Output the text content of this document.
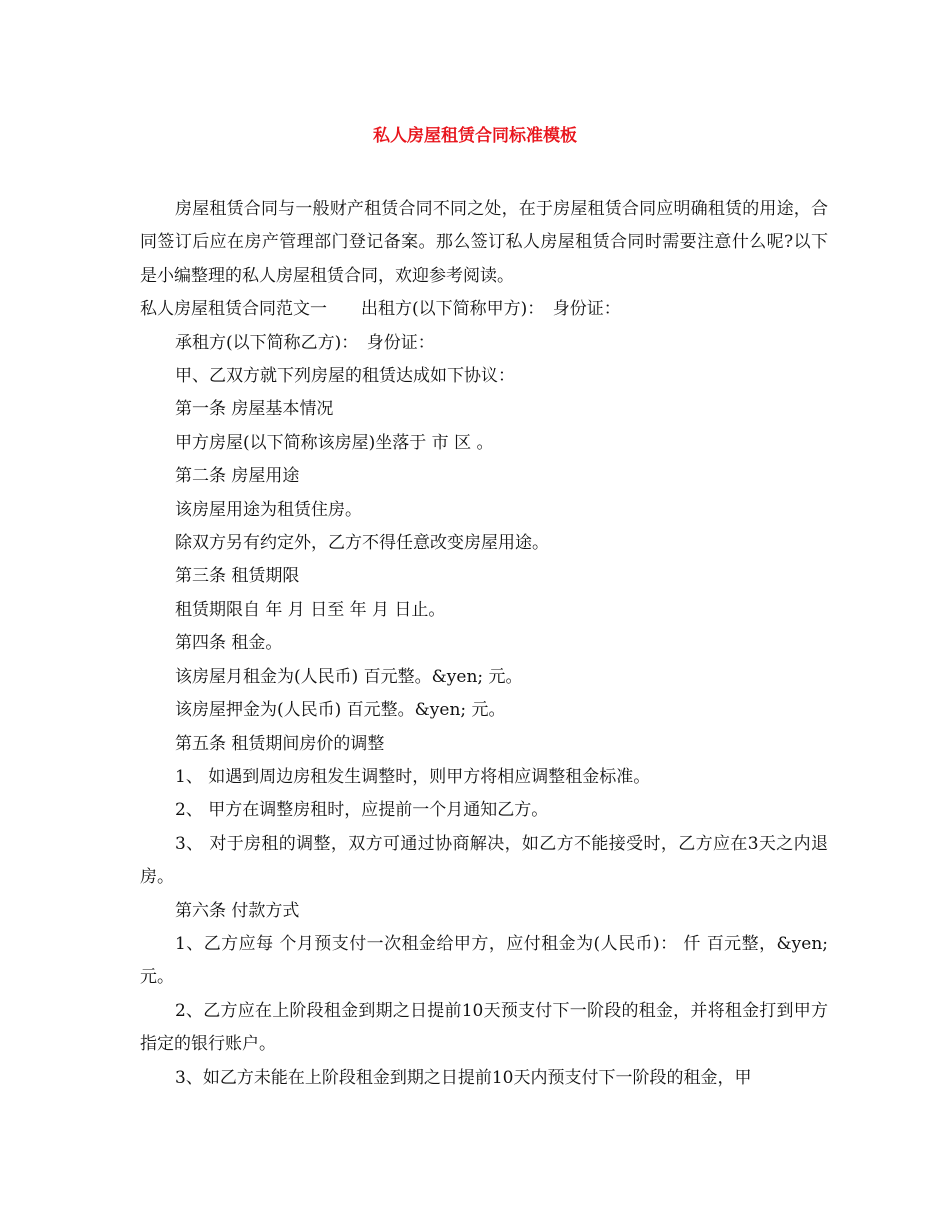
私人房屋租赁合同标准模板

房屋租赁合同与一般财产租赁合同不同之处，在于房屋租赁合同应明确租赁的用途，合同签订后应在房产管理部门登记备案。那么签订私人房屋租赁合同时需要注意什么呢?以下是小编整理的私人房屋租赁合同，欢迎参考阅读。

私人房屋租赁合同范文一　　出租方(以下简称甲方)：　身份证：

承租方(以下简称乙方)：　身份证：

甲、乙双方就下列房屋的租赁达成如下协议：

第一条 房屋基本情况

甲方房屋(以下简称该房屋)坐落于 市 区 。

第二条 房屋用途

该房屋用途为租赁住房。

除双方另有约定外，乙方不得任意改变房屋用途。

第三条 租赁期限

租赁期限自 年 月 日至 年 月 日止。

第四条 租金。

该房屋月租金为(人民币) 百元整。&yen; 元。

该房屋押金为(人民币) 百元整。&yen; 元。

第五条 租赁期间房价的调整

1、 如遇到周边房租发生调整时，则甲方将相应调整租金标准。

2、 甲方在调整房租时，应提前一个月通知乙方。

3、 对于房租的调整，双方可通过协商解决，如乙方不能接受时，乙方应在3天之内退房。

第六条 付款方式

1、乙方应每 个月预支付一次租金给甲方，应付租金为(人民币)： 仟 百元整，&yen; 元。

2、乙方应在上阶段租金到期之日提前10天预支付下一阶段的租金，并将租金打到甲方指定的银行账户。

3、如乙方未能在上阶段租金到期之日提前10天内预支付下一阶段的租金，甲
